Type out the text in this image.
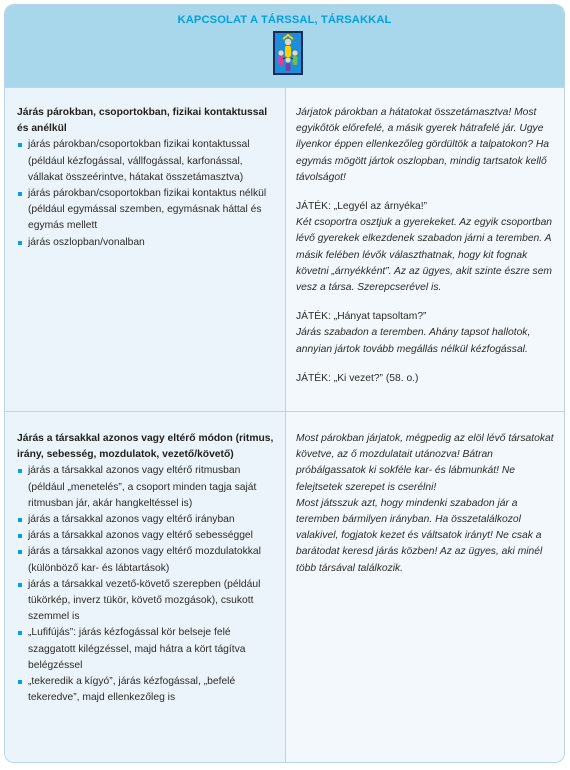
KAPCSOLAT A TÁRSSAL, TÁRSAKKAL
Járás párokban, csoportokban, fizikai kontaktussal és anélkül
járás párokban/csoportokban fizikai kontaktussal (például kézfogással, vállfogással, karfonással, vállakat összeérintve, hátakat összetámasztva)
járás párokban/csoportokban fizikai kontaktus nélkül (például egymással szemben, egymásnak háttal és egymás mellett
járás oszlopban/vonalban

Járjatok párokban a hátatokat összetámasztva! Most egyikőtök előrefelé, a másik gyerek hátrafelé jár. Ugye ilyenkor éppen ellenkezőleg gördültök a talpatokon? Ha egymás mögött jártok oszlopban, mindig tartsatok kellő távolságot!

JÁTÉK: „Legyél az árnyéka!”

Két csoportra osztjuk a gyerekeket. Az egyik csoportban lévő gyerekek elkezdenek szabadon járni a teremben. A másik felében lévők választhatnak, hogy kit fognak követni „árnyékként”. Az az ügyes, akit szinte észre sem vesz a társa. Szerepcserével is.

JÁTÉK: „Hányat tapsoltam?”

Járás szabadon a teremben. Ahány tapsot hallotok, annyian jártok tovább megállás nélkül kézfogással.

JÁTÉK: „Ki vezet?” (58. o.)

Járás a társakkal azonos vagy eltérő módon (ritmus, irány, sebesség, mozdulatok, vezető/követő)
járás a társakkal azonos vagy eltérő ritmusban (például „menetelés”, a csoport minden tagja saját ritmusban jár, akár hangkeltéssel is)
járás a társakkal azonos vagy eltérő irányban
járás a társakkal azonos vagy eltérő sebességgel
járás a társakkal azonos vagy eltérő mozdulatokkal (különböző kar- és lábtartások)
járás a társakkal vezető-követő szerepben (például tükörkép, inverz tükör, követő mozgások), csukott szemmel is
„Lufifújás”: járás kézfogással kör belseje felé szaggatott kilégzéssel, majd hátra a kört tágítva belégzéssel
„tekeredik a kígyó”, járás kézfogással, „befelé tekeredve”, majd ellenkezőleg is

Most párokban járjatok, mégpedig az elöl lévő társatokat követve, az ő mozdulatait utánozva! Bátran próbálgassatok ki sokféle kar- és lábmunkát! Ne felejtsetek szerepet is cserélni!

Most játsszuk azt, hogy mindenki szabadon jár a teremben bármilyen irányban. Ha összetalálkozol valakivel, fogjatok kezet és váltsatok irányt! Ne csak a barátodat keresd járás közben! Az az ügyes, aki minél több társával találkozik.
